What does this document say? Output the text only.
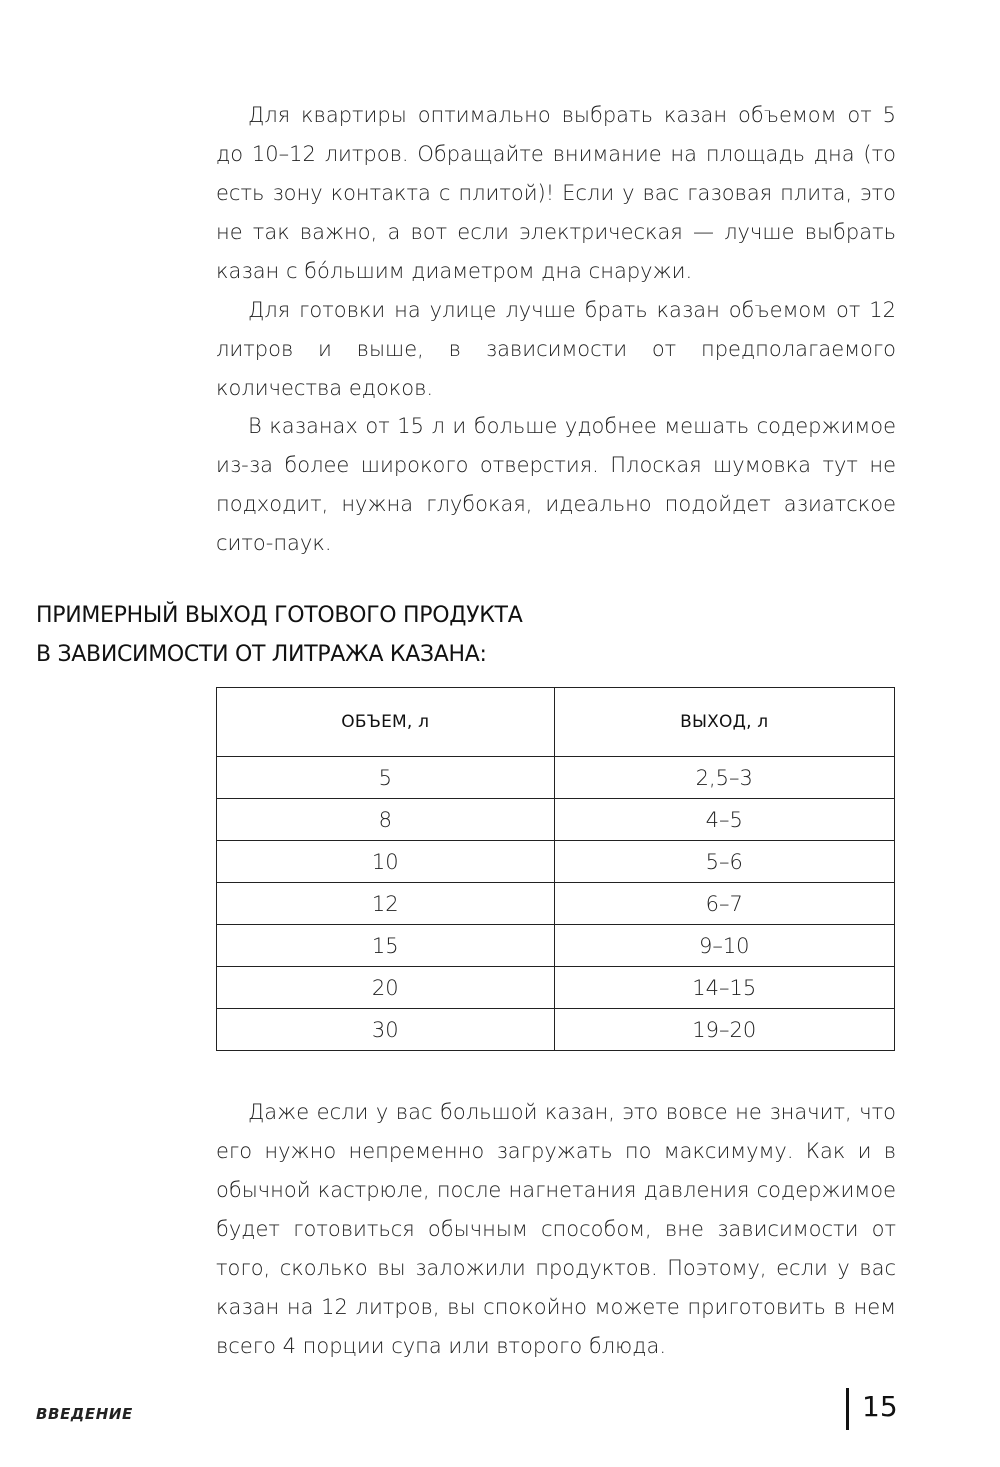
Для квартиры оптимально выбрать казан объемом от 5 до 10–12 литров. Обращайте внимание на площадь дна (то есть зону контакта с плитой)! Если у вас газовая плита, это не так важно, а вот если электрическая — лучше выбрать казан с бóльшим диаметром дна снаружи.

Для готовки на улице лучше брать казан объемом от 12 литров и выше, в зависимости от предполагаемого количества едоков.

В казанах от 15 л и больше удобнее мешать содержимое из-за более широкого отверстия. Плоская шумовка тут не подходит, нужна глубокая, идеально подойдет азиатское сито-паук.

ПРИМЕРНЫЙ ВЫХОД ГОТОВОГО ПРОДУКТА
В ЗАВИСИМОСТИ ОТ ЛИТРАЖА КАЗАНА:
ОБЪЕМ, л	ВЫХОД, л
5	2,5–3
8	4–5
10	5–6
12	6–7
15	9–10
20	14–15
30	19–20

Даже если у вас большой казан, это вовсе не значит, что его нужно непременно загружать по максимуму. Как и в обычной кастрюле, после нагнетания давления содержимое будет готовиться обычным способом, вне зависимости от того, сколько вы заложили продуктов. Поэтому, если у вас казан на 12 литров, вы спокойно можете приготовить в нем всего 4 порции супа или второго блюда.

ВВЕДЕНИЕ	15
